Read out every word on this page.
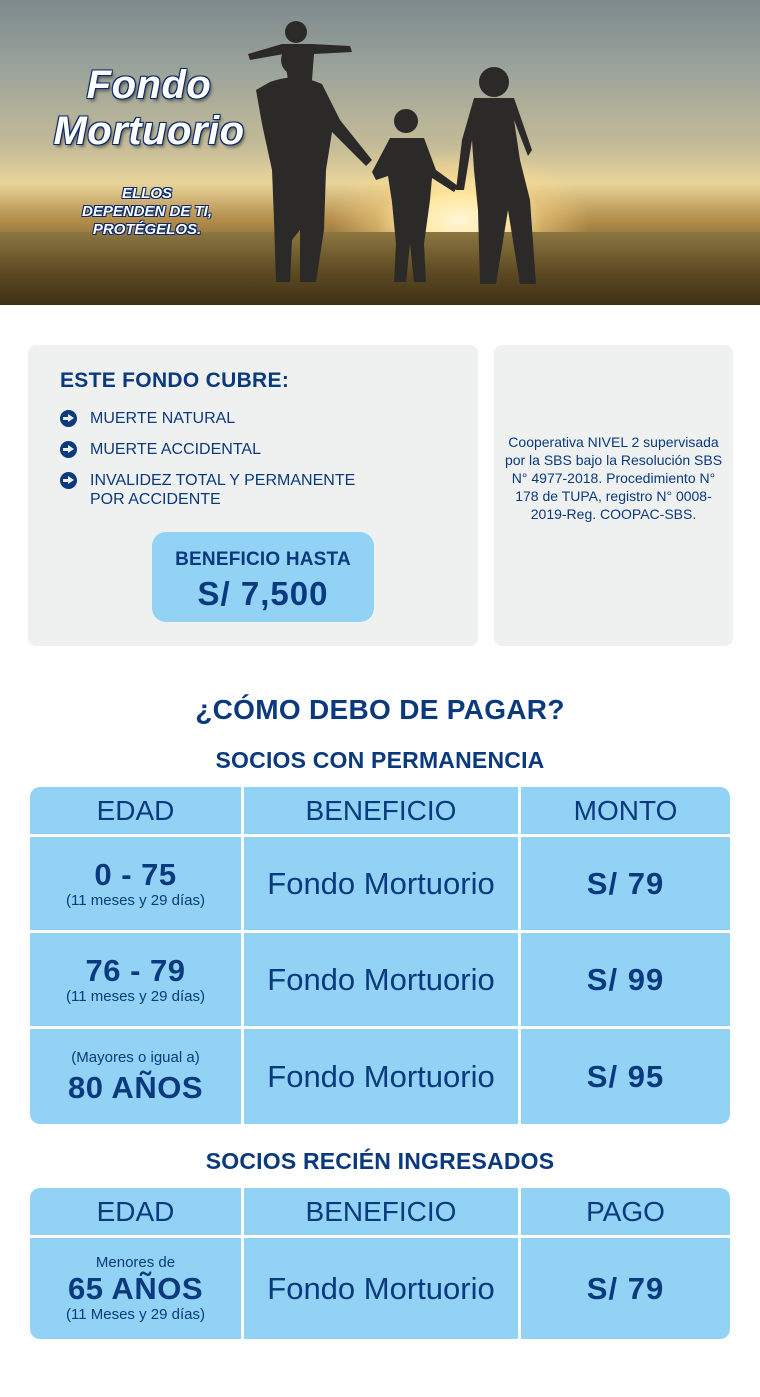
Fondo
Mortuorio
ELLOS
DEPENDEN DE TI,
PROTÉGELOS.
ESTE FONDO CUBRE:
MUERTE NATURAL
MUERTE ACCIDENTAL
INVALIDEZ TOTAL Y PERMANENTE
POR ACCIDENTE
BENEFICIO HASTA
S/ 7,500
Cooperativa NIVEL 2 supervisada por la SBS bajo la Resolución SBS N° 4977-2018. Procedimiento N° 178 de TUPA, registro N° 0008-2019-Reg. COOPAC-SBS.
¿CÓMO DEBO DE PAGAR?
SOCIOS CON PERMANENCIA
EDAD	BENEFICIO	MONTO
0 - 75
(11 meses y 29 días)	Fondo Mortuorio	S/ 79
76 - 79
(11 meses y 29 días)	Fondo Mortuorio	S/ 99
(Mayores o igual a)
80 AÑOS	Fondo Mortuorio	S/ 95
SOCIOS RECIÉN INGRESADOS
EDAD	BENEFICIO	PAGO
Menores de
65 AÑOS
(11 Meses y 29 días)
Fondo Mortuorio	S/ 79
